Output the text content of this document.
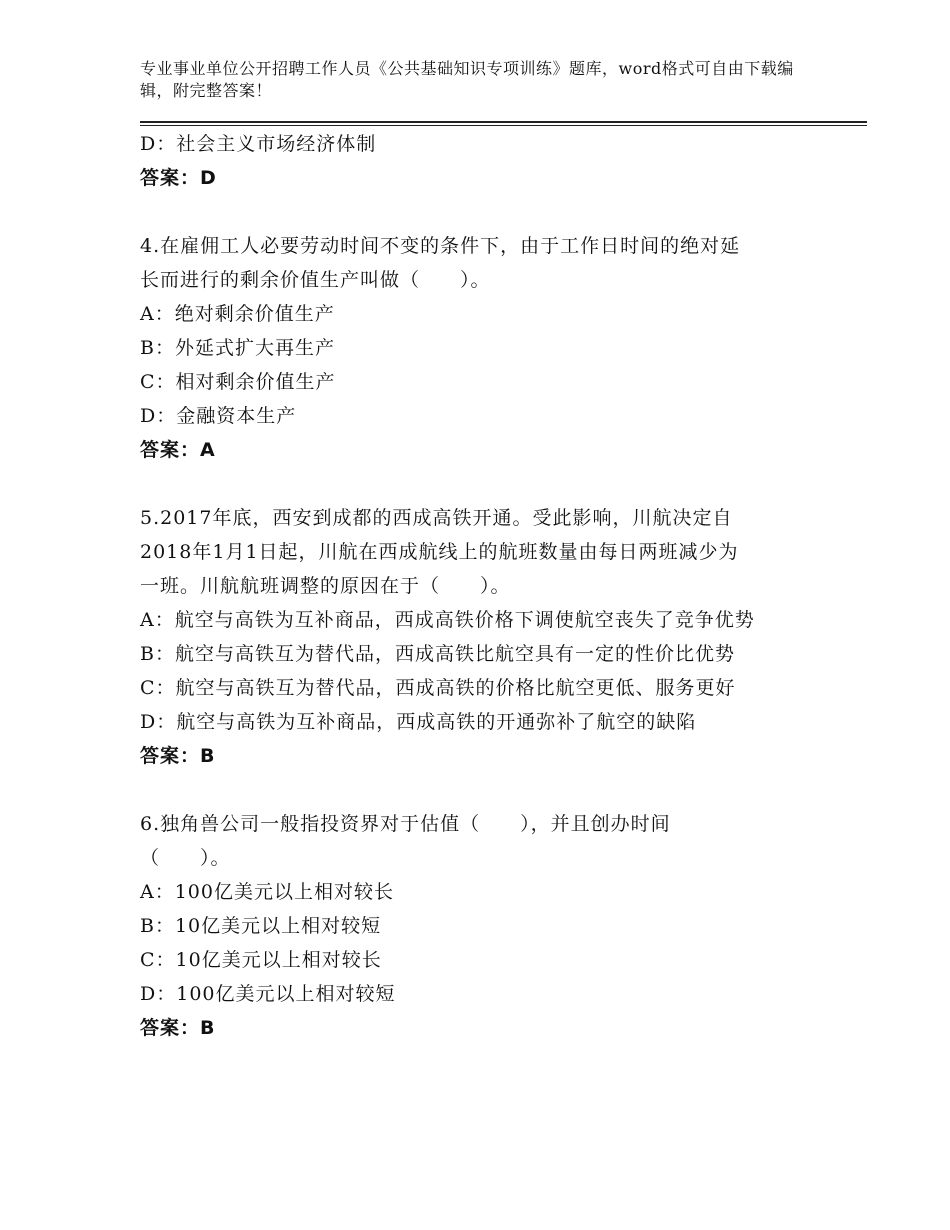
专业事业单位公开招聘工作人员《公共基础知识专项训练》题库，word格式可自由下载编辑，附完整答案！
D：社会主义市场经济体制
答案：D
4.在雇佣工人必要劳动时间不变的条件下，由于工作日时间的绝对延
长而进行的剩余价值生产叫做（　　）。
A：绝对剩余价值生产
B：外延式扩大再生产
C：相对剩余价值生产
D：金融资本生产
答案：A
5.2017年底，西安到成都的西成高铁开通。受此影响，川航决定自
2018年1月1日起，川航在西成航线上的航班数量由每日两班减少为
一班。川航航班调整的原因在于（　　）。
A：航空与高铁为互补商品，西成高铁价格下调使航空丧失了竞争优势
B：航空与高铁互为替代品，西成高铁比航空具有一定的性价比优势
C：航空与高铁互为替代品，西成高铁的价格比航空更低、服务更好
D：航空与高铁为互补商品，西成高铁的开通弥补了航空的缺陷
答案：B
6.独角兽公司一般指投资界对于估值（　　），并且创办时间
（　　）。
A：100亿美元以上相对较长
B：10亿美元以上相对较短
C：10亿美元以上相对较长
D：100亿美元以上相对较短
答案：B
